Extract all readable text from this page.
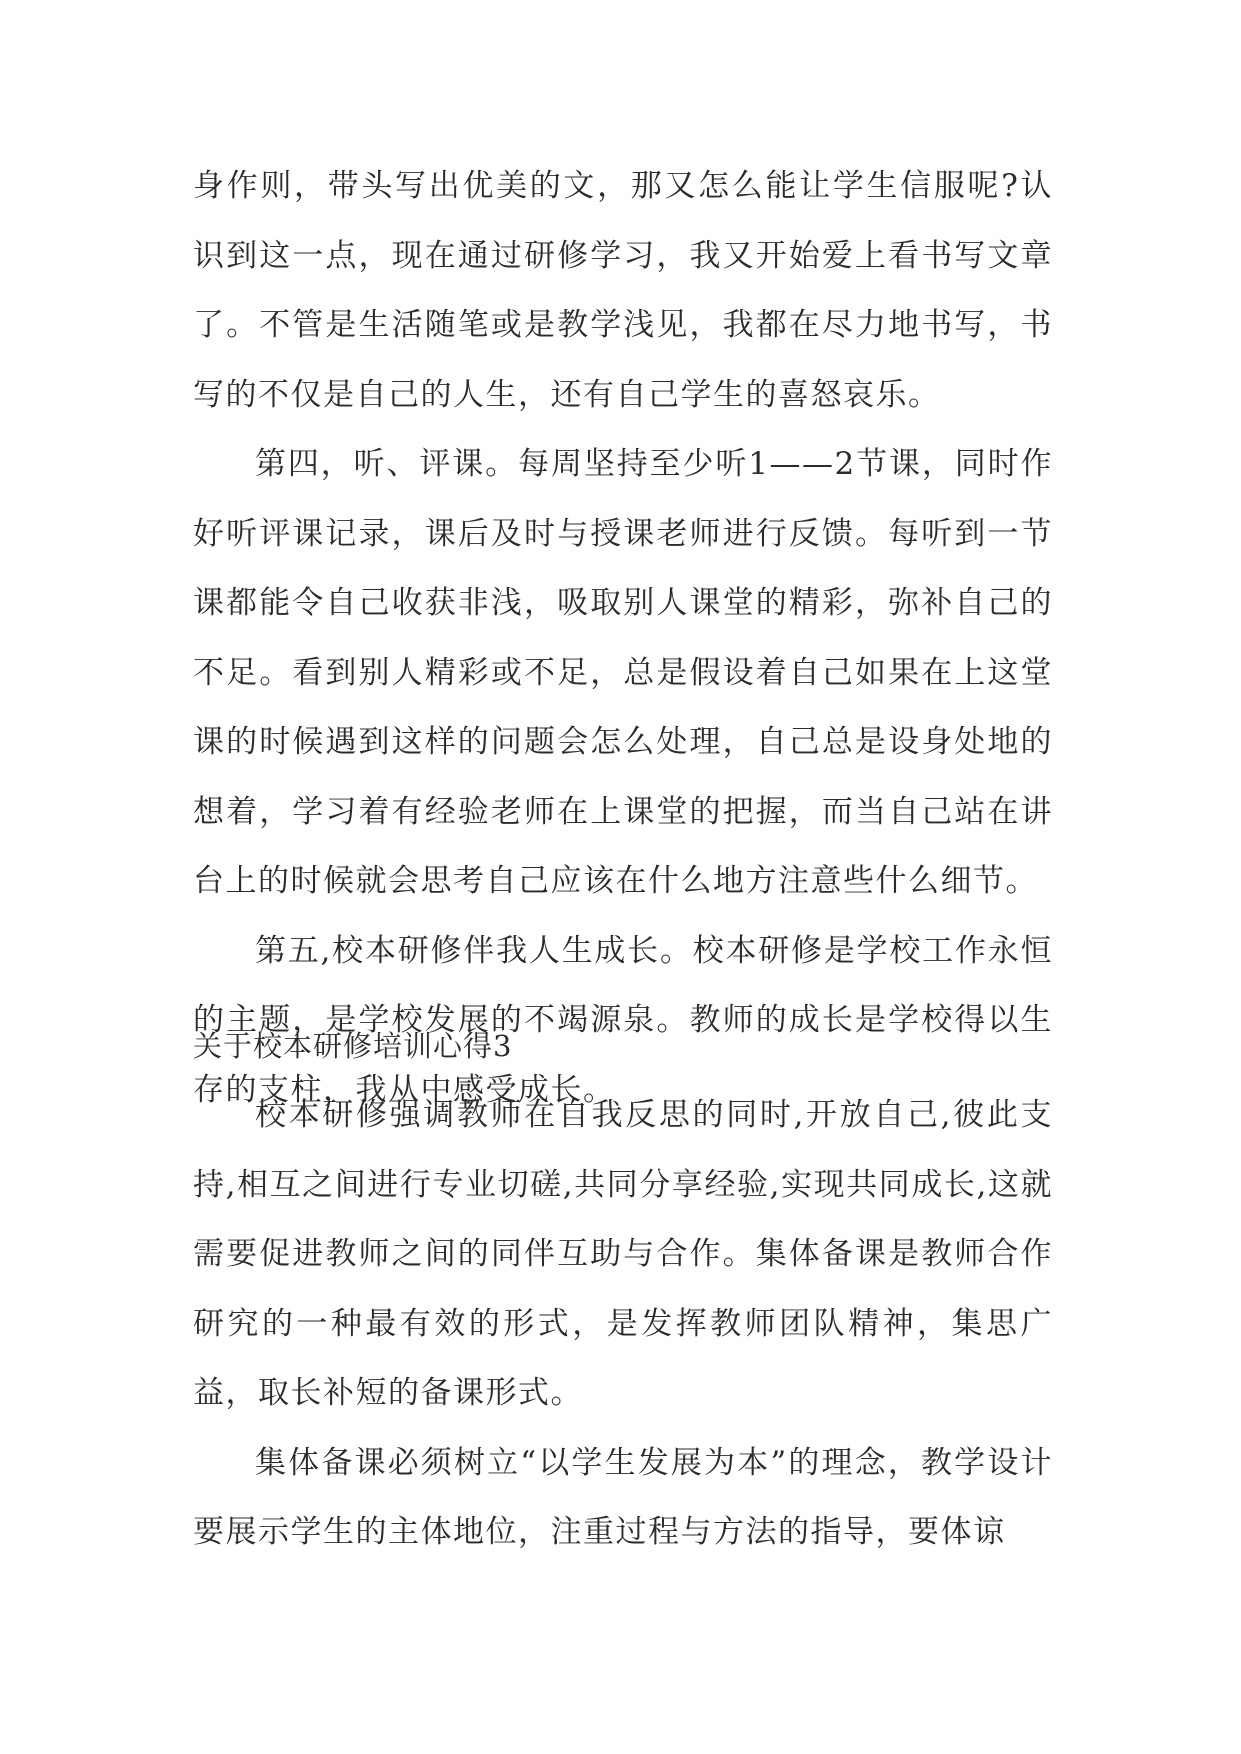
身作则，带头写出优美的文，那又怎么能让学生信服呢?认识到这一点，现在通过研修学习，我又开始爱上看书写文章了。不管是生活随笔或是教学浅见，我都在尽力地书写，书写的不仅是自己的人生，还有自己学生的喜怒哀乐。

第四，听、评课。每周坚持至少听1——2节课，同时作好听评课记录，课后及时与授课老师进行反馈。每听到一节课都能令自己收获非浅，吸取别人课堂的精彩，弥补自己的不足。看到别人精彩或不足，总是假设着自己如果在上这堂课的时候遇到这样的问题会怎么处理，自己总是设身处地的想着，学习着有经验老师在上课堂的把握，而当自己站在讲台上的时候就会思考自己应该在什么地方注意些什么细节。

第五,校本研修伴我人生成长。校本研修是学校工作永恒的主题，是学校发展的不竭源泉。教师的成长是学校得以生存的支柱，我从中感受成长。

关于校本研修培训心得3

校本研修强调教师在自我反思的同时,开放自己,彼此支持,相互之间进行专业切磋,共同分享经验,实现共同成长,这就需要促进教师之间的同伴互助与合作。集体备课是教师合作研究的一种最有效的形式，是发挥教师团队精神，集思广益，取长补短的备课形式。

集体备课必须树立“以学生发展为本”的理念，教学设计要展示学生的主体地位，注重过程与方法的指导，要体谅
